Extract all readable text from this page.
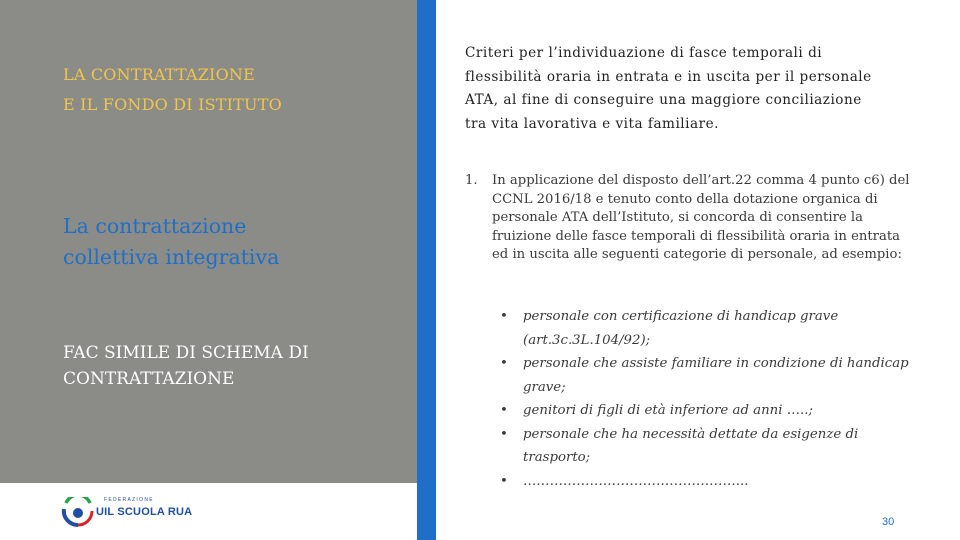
LA CONTRATTAZIONE
E IL FONDO DI ISTITUTO
La contrattazione
collettiva integrativa
FAC SIMILE DI SCHEMA DI
CONTRATTAZIONE
FEDERAZIONE
UIL SCUOLA RUA
Criteri per l’individuazione di fasce temporali di
flessibilità oraria in entrata e in uscita per il personale
ATA, al fine di conseguire una maggiore conciliazione
tra vita lavorativa e vita familiare.
1. In applicazione del disposto dell’art.22 comma 4 punto c6) del
CCNL 2016/18 e tenuto conto della dotazione organica di
personale ATA dell’Istituto, si concorda di consentire la
fruizione delle fasce temporali di flessibilità oraria in entrata
ed in uscita alle seguenti categorie di personale, ad esempio:
• personale con certificazione di handicap grave
(art.3c.3L.104/92);
• personale che assiste familiare in condizione di handicap
grave;
• genitori di figli di età inferiore ad anni …..;
• personale che ha necessità dettate da esigenze di
trasporto;
• …………………………………………...
30
